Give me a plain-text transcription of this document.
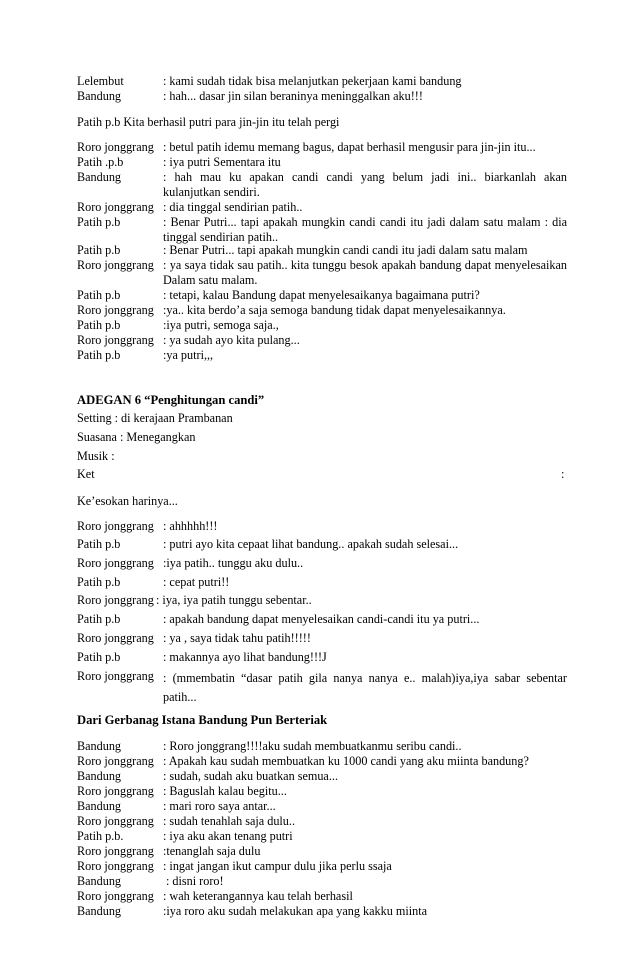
Lelembut	: kami sudah tidak bisa melanjutkan pekerjaan kami bandung
Bandung	: hah... dasar jin silan beraninya meninggalkan aku!!!
Patih p.b Kita berhasil putri para jin-jin itu telah pergi
Roro jonggrang : betul patih idemu memang bagus, dapat berhasil mengusir para jin-jin itu...
Patih .p.b	: iya putri Sementara itu
Bandung	: hah mau ku apakan candi candi yang belum jadi ini.. biarkanlah akan kulanjutkan sendiri.
Roro jonggrang : dia tinggal sendirian patih..
Patih p.b	: Benar Putri... tapi apakah mungkin candi candi itu jadi dalam satu malam : dia tinggal sendirian patih..
Patih p.b	: Benar Putri... tapi apakah mungkin candi candi itu jadi dalam satu malam
Roro jonggrang : ya saya tidak sau patih.. kita tunggu besok apakah bandung dapat menyelesaikan Dalam satu malam.
Patih p.b	: tetapi, kalau Bandung dapat menyelesaikanya bagaimana putri?
Roro jonggrang :ya.. kita berdo’a saja semoga bandung tidak dapat menyelesaikannya.
Patih p.b	:iya putri, semoga saja.,
Roro jonggrang : ya sudah ayo kita pulang...
Patih p.b	:ya putri,,,
ADEGAN 6 “Penghitungan candi”
Setting : di kerajaan Prambanan
Suasana : Menegangkan
Musik :
Ket	:
Ke’esokan harinya...
Roro jonggrang : ahhhhh!!!
Patih p.b	: putri ayo kita cepaat lihat bandung.. apakah sudah selesai...
Roro jonggrang :iya patih.. tunggu aku dulu..
Patih p.b	: cepat putri!!
Roro jonggrang : iya, iya patih tunggu sebentar..
Patih p.b	: apakah bandung dapat menyelesaikan candi-candi itu ya putri...
Roro jonggrang : ya , saya tidak tahu patih!!!!!
Patih p.b	: makannya ayo lihat bandung!!!J
Roro jonggrang : (mmembatin “dasar patih gila nanya nanya e.. malah)iya,iya sabar sebentar patih...
Dari Gerbanag Istana Bandung Pun Berteriak
Bandung	: Roro jonggrang!!!!aku sudah membuatkanmu seribu candi..
Roro jonggrang : Apakah kau sudah membuatkan ku 1000 candi yang aku miinta bandung?
Bandung	: sudah, sudah aku buatkan semua...
Roro jonggrang : Baguslah kalau begitu...
Bandung	: mari roro saya antar...
Roro jonggrang : sudah tenahlah saja dulu..
Patih p.b.	: iya aku akan tenang putri
Roro jonggrang :tenanglah saja dulu
Roro jonggrang : ingat jangan ikut campur dulu jika perlu ssaja
Bandung	: disni roro!
Roro jonggrang : wah keterangannya kau telah berhasil
Bandung	:iya roro aku sudah melakukan apa yang kakku miinta
